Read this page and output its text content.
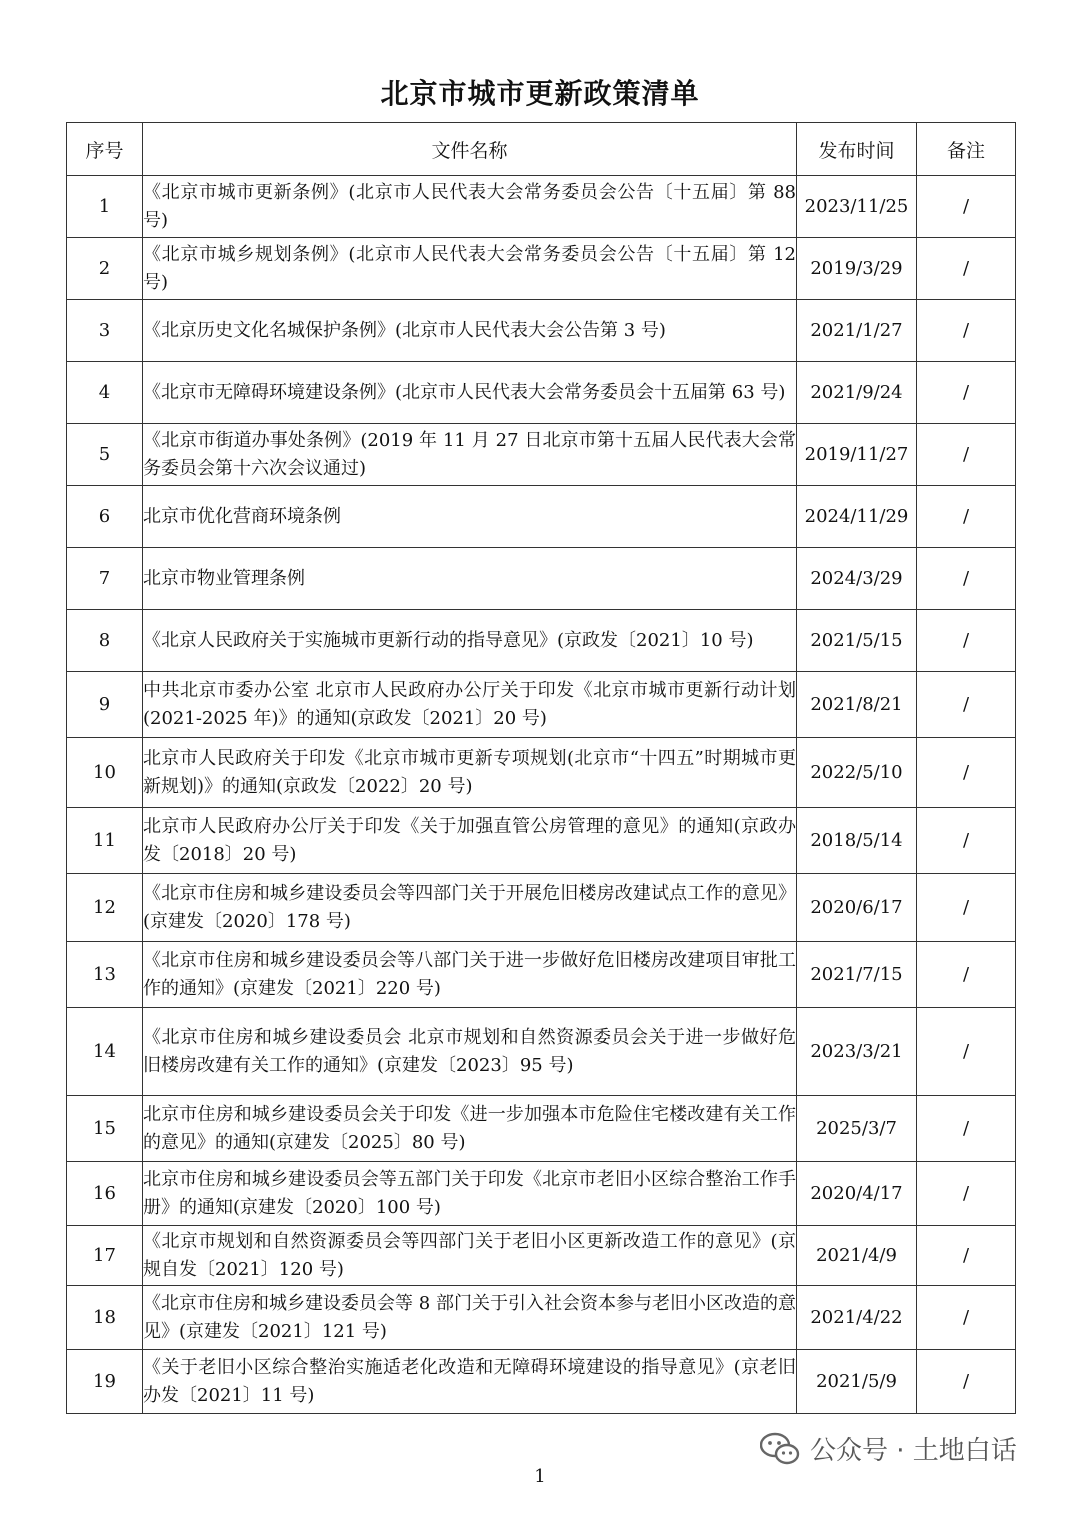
北京市城市更新政策清单
序号	文件名称	发布时间	备注
1	《北京市城市更新条例》(北京市人民代表大会常务委员会公告〔十五届〕第 88 号)	2023/11/25	/
2	《北京市城乡规划条例》(北京市人民代表大会常务委员会公告〔十五届〕第 12 号)	2019/3/29	/
3	《北京历史文化名城保护条例》(北京市人民代表大会公告第 3 号)	2021/1/27	/
4	《北京市无障碍环境建设条例》(北京市人民代表大会常务委员会十五届第 63 号)	2021/9/24	/
5	《北京市街道办事处条例》(2019 年 11 月 27 日北京市第十五届人民代表大会常务委员会第十六次会议通过)	2019/11/27	/
6	北京市优化营商环境条例	2024/11/29	/
7	北京市物业管理条例	2024/3/29	/
8	《北京人民政府关于实施城市更新行动的指导意见》(京政发〔2021〕10 号)	2021/5/15	/
9	中共北京市委办公室 北京市人民政府办公厅关于印发《北京市城市更新行动计划(2021-2025 年)》的通知(京政发〔2021〕20 号)	2021/8/21	/
10	北京市人民政府关于印发《北京市城市更新专项规划(北京市“十四五”时期城市更新规划)》的通知(京政发〔2022〕20 号)	2022/5/10	/
11	北京市人民政府办公厅关于印发《关于加强直管公房管理的意见》的通知(京政办发〔2018〕20 号)	2018/5/14	/
12	《北京市住房和城乡建设委员会等四部门关于开展危旧楼房改建试点工作的意见》(京建发〔2020〕178 号)	2020/6/17	/
13	《北京市住房和城乡建设委员会等八部门关于进一步做好危旧楼房改建项目审批工作的通知》(京建发〔2021〕220 号)	2021/7/15	/
14	《北京市住房和城乡建设委员会 北京市规划和自然资源委员会关于进一步做好危旧楼房改建有关工作的通知》(京建发〔2023〕95 号)	2023/3/21	/
15	北京市住房和城乡建设委员会关于印发《进一步加强本市危险住宅楼改建有关工作的意见》的通知(京建发〔2025〕80 号)	2025/3/7	/
16	北京市住房和城乡建设委员会等五部门关于印发《北京市老旧小区综合整治工作手册》的通知(京建发〔2020〕100 号)	2020/4/17	/
17	《北京市规划和自然资源委员会等四部门关于老旧小区更新改造工作的意见》(京规自发〔2021〕120 号)	2021/4/9	/
18	《北京市住房和城乡建设委员会等 8 部门关于引入社会资本参与老旧小区改造的意见》(京建发〔2021〕121 号)	2021/4/22	/
19	《关于老旧小区综合整治实施适老化改造和无障碍环境建设的指导意见》(京老旧办发〔2021〕11 号)	2021/5/9	/
1
公众号 · 土地白话
